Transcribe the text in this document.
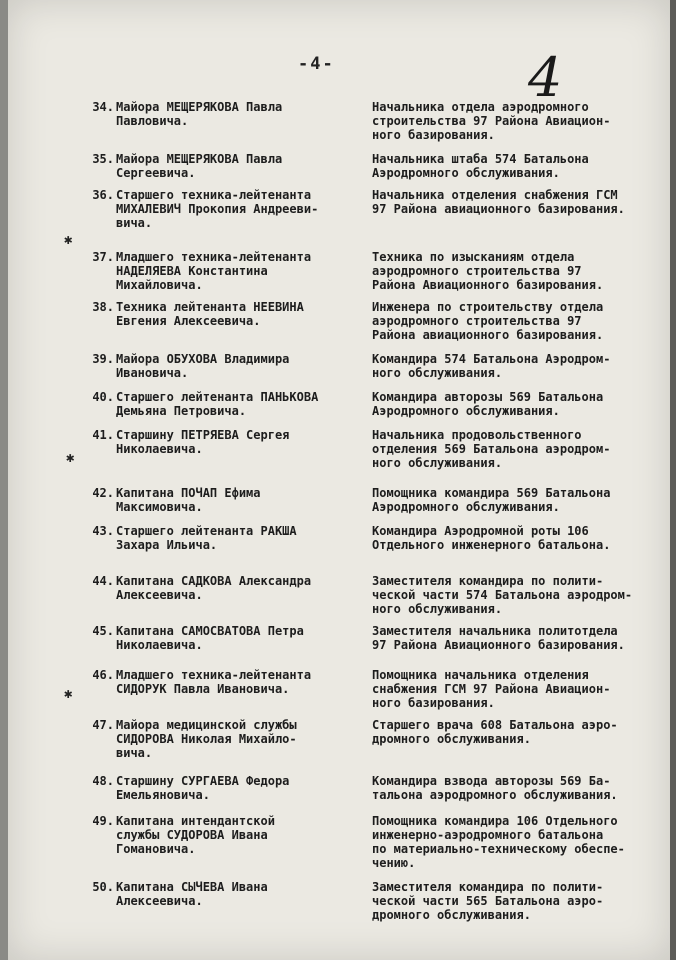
-4-	4
34. Майора МЕЩЕРЯКОВА Павла
Павловича.
Начальника отдела аэродромного
строительства 97 Района Авиацион-
ного базирования.
35. Майора МЕЩЕРЯКОВА Павла
Сергеевича.
Начальника штаба 574 Батальона
Аэродромного обслуживания.
36. Старшего техника-лейтенанта
МИХАЛЕВИЧ Прокопия Андрееви-
вича.
Начальника отделения снабжения ГСМ
97 Района авиационного базирования.
37. Младшего техника-лейтенанта
НАДЕЛЯЕВА Константина
Михайловича.
Техника по изысканиям отдела
аэродромного строительства 97
Района Авиационного базирования.
38. Техника лейтенанта НЕЕВИНА
Евгения Алексеевича.
Инженера по строительству отдела
аэродромного строительства 97
Района авиационного базирования.
39. Майора ОБУХОВА Владимира
Ивановича.
Командира 574 Батальона Аэродром-
ного обслуживания.
40. Старшего лейтенанта ПАНЬКОВА
Демьяна Петровича.
Командира авторозы 569 Батальона
Аэродромного обслуживания.
41. Старшину ПЕТРЯЕВА Сергея
Николаевича.
Начальника продовольственного
отделения 569 Батальона аэродром-
ного обслуживания.
42. Капитана ПОЧАП Ефима
Максимовича.
Помощника командира 569 Батальона
Аэродромного обслуживания.
43. Старшего лейтенанта РАКША
Захара Ильича.
Командира Аэродромной роты 106
Отдельного инженерного батальона.
44. Капитана САДКОВА Александра
Алексеевича.
Заместителя командира по полити-
ческой части 574 Батальона аэродром-
ного обслуживания.
45. Капитана САМОСВАТОВА Петра
Николаевича.
Заместителя начальника политотдела
97 Района Авиационного базирования.
46. Младшего техника-лейтенанта
СИДОРУК Павла Ивановича.
Помощника начальника отделения
снабжения ГСМ 97 Района Авиацион-
ного базирования.
47. Майора медицинской службы
СИДОРОВА Николая Михайло-
вича.
Старшего врача 608 Батальона аэро-
дромного обслуживания.
48. Старшину СУРГАЕВА Федора
Емельяновича.
Командира взвода авторозы 569 Ба-
тальона аэродромного обслуживания.
49. Капитана интендантской
службы СУДОРОВА Ивана
Гомановича.
Помощника командира 106 Отдельного
инженерно-аэродромного батальона
по материально-техническому обеспе-
чению.
50. Капитана СЫЧЕВА Ивана
Алексеевича.
Заместителя командира по полити-
ческой части 565 Батальона аэро-
дромного обслуживания.
✱
✱
✱
